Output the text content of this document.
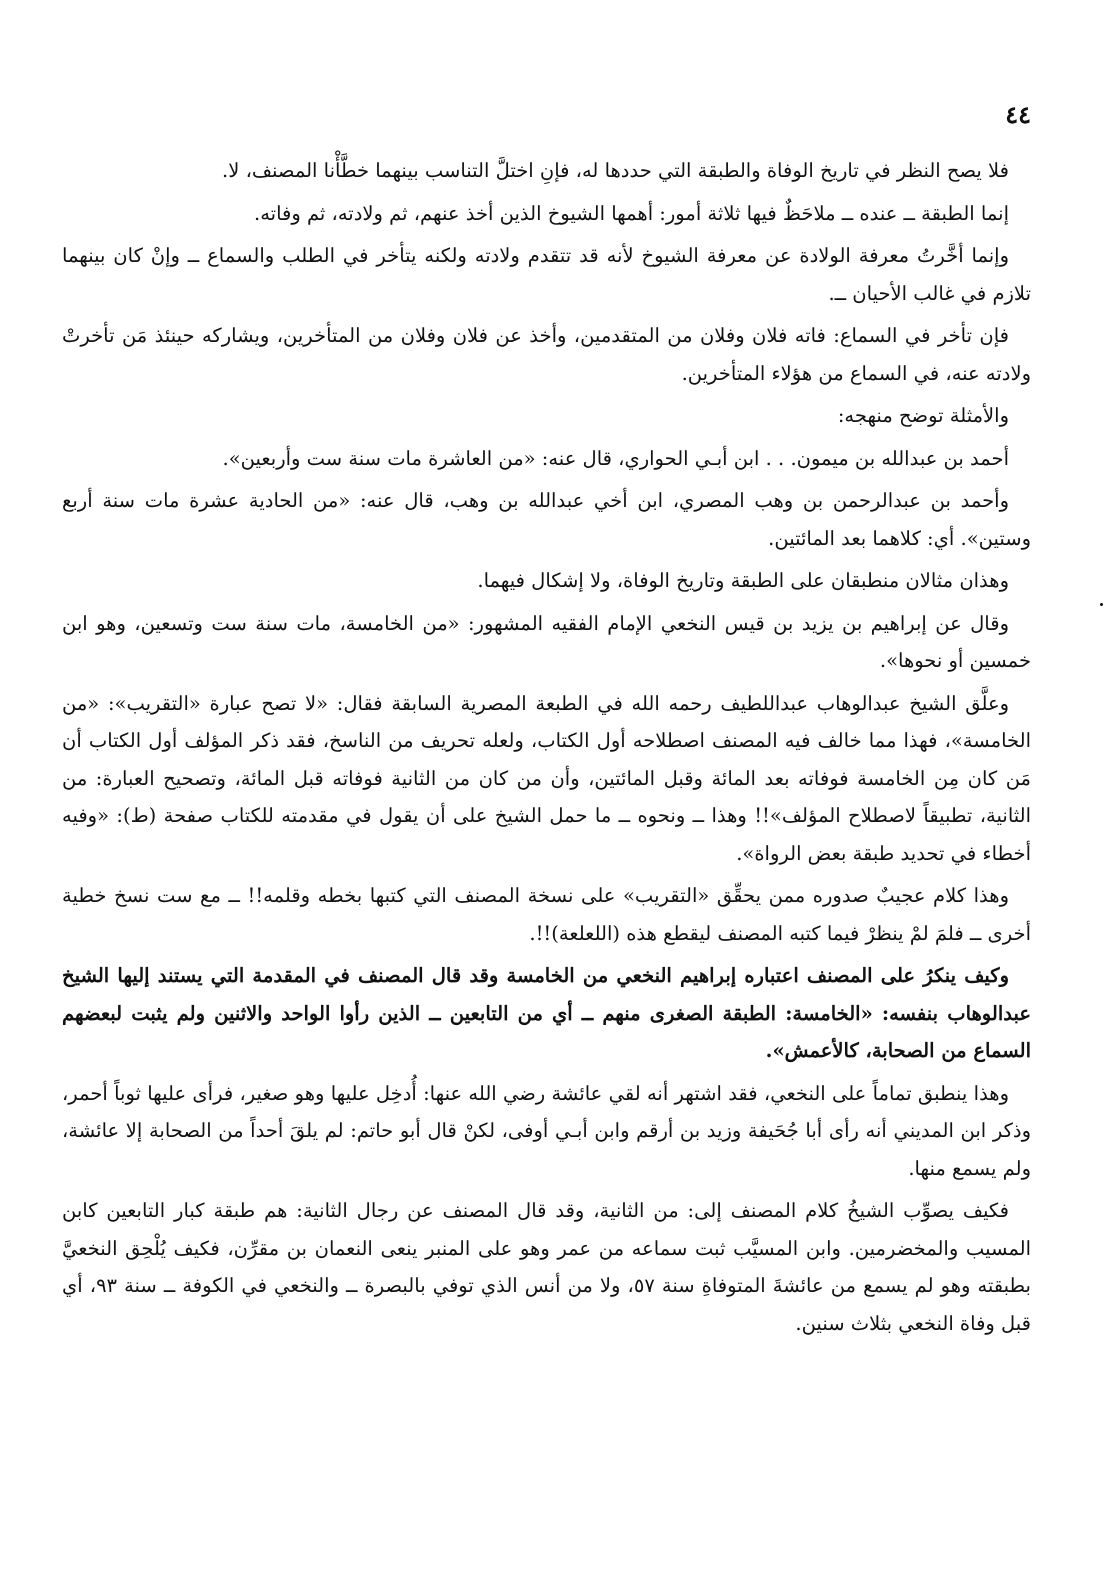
٤٤

فلا يصح النظر في تاريخ الوفاة والطبقة التي حددها له، فإنِ اختلَّ التناسب بينهما خطَّأْنا المصنف، لا.

إنما الطبقة ــ عنده ــ ملاحَظٌ فيها ثلاثة أمور: أهمها الشيوخ الذين أخذ عنهم، ثم ولادته، ثم وفاته.

وإنما أخَّرتُ معرفة الولادة عن معرفة الشيوخ لأنه قد تتقدم ولادته ولكنه يتأخر في الطلب والسماع ــ وإنْ كان بينهما تلازم في غالب الأحيان ــ.

فإن تأخر في السماع: فاته فلان وفلان من المتقدمين، وأخذ عن فلان وفلان من المتأخرين، ويشاركه حينئذ مَن تأخرتْ ولادته عنه، في السماع من هؤلاء المتأخرين.

والأمثلة توضح منهجه:

أحمد بن عبدالله بن ميمون. . . ابن أبـي الحواري، قال عنه: «من العاشرة مات سنة ست وأربعين».

وأحمد بن عبدالرحمن بن وهب المصري، ابن أخي عبدالله بن وهب، قال عنه: «من الحادية عشرة مات سنة أربع وستين». أي: كلاهما بعد المائتين.

وهذان مثالان منطبقان على الطبقة وتاريخ الوفاة، ولا إشكال فيهما.

وقال عن إبراهيم بن يزيد بن قيس النخعي الإمام الفقيه المشهور: «من الخامسة، مات سنة ست وتسعين، وهو ابن خمسين أو نحوها».

وعلَّق الشيخ عبدالوهاب عبداللطيف رحمه الله في الطبعة المصرية السابقة فقال: «لا تصح عبارة «التقريب»: «من الخامسة»، فهذا مما خالف فيه المصنف اصطلاحه أول الكتاب، ولعله تحريف من الناسخ، فقد ذكر المؤلف أول الكتاب أن مَن كان مِن الخامسة فوفاته بعد المائة وقبل المائتين، وأن من كان من الثانية فوفاته قبل المائة، وتصحيح العبارة: من الثانية، تطبيقاً لاصطلاح المؤلف»!! وهذا ــ ونحوه ــ ما حمل الشيخ على أن يقول في مقدمته للكتاب صفحة (ط): «وفيه أخطاء في تحديد طبقة بعض الرواة».

وهذا كلام عجيبٌ صدوره ممن يحقِّق «التقريب» على نسخة المصنف التي كتبها بخطه وقلمه!! ــ مع ست نسخ خطية أخرى ــ فلمَ لمْ ينظرْ فيما كتبه المصنف ليقطع هذه (اللعلعة)!!.

وكيف ينكرُ على المصنف اعتباره إبراهيم النخعي من الخامسة وقد قال المصنف في المقدمة التي يستند إليها الشيخ عبدالوهاب بنفسه: «الخامسة: الطبقة الصغرى منهم ــ أي من التابعين ــ الذين رأوا الواحد والاثنين ولم يثبت لبعضهم السماع من الصحابة، كالأعمش».

وهذا ينطبق تماماً على النخعي، فقد اشتهر أنه لقي عائشة رضي الله عنها: أُدخِل عليها وهو صغير، فرأى عليها ثوباً أحمر، وذكر ابن المديني أنه رأى أبا جُحَيفة وزيد بن أرقم وابن أبـي أوفى، لكنْ قال أبو حاتم: لم يلقَ أحداً من الصحابة إلا عائشة، ولم يسمع منها.

فكيف يصوِّب الشيخُ كلام المصنف إلى: من الثانية، وقد قال المصنف عن رجال الثانية: هم طبقة كبار التابعين كابن المسيب والمخضرمين. وابن المسيَّب ثبت سماعه من عمر وهو على المنبر ينعى النعمان بن مقرِّن، فكيف يُلْحِق النخعيَّ بطبقته وهو لم يسمع من عائشةَ المتوفاةِ سنة ٥٧، ولا من أنس الذي توفي بالبصرة ــ والنخعي في الكوفة ــ سنة ٩٣، أي قبل وفاة النخعي بثلاث سنين.
